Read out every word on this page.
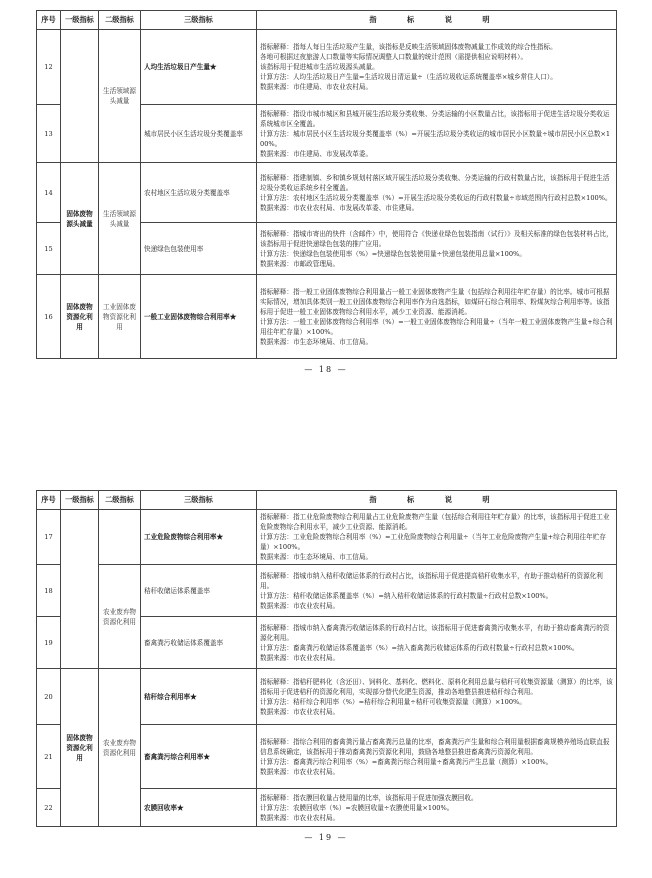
序号	一级指标	二级指标	三级指标	指 标 说 明
12		生活领域源头减量	人均生活垃圾日产生量★	指标解释：指每人每日生活垃圾产生量，该指标是反映生活领域固体废物减量工作成效的综合性指标。
各地可根据过夜旅游人口数量等实际情况调整人口数量的统计范围（需提供相应说明材料）。
该指标用于促进城市生活垃圾源头减量。
计算方法：人均生活垃圾日产生量=生活垃圾日清运量÷（生活垃圾收运系统覆盖率×城乡常住人口）。
数据来源：市住建局、市农业农村局。

13			城市居民小区生活垃圾分类覆盖率	指标解释：指设市城市城区和县城开展生活垃圾分类收集、分类运输的小区数量占比，该指标用于促进生活垃圾分类收运系统城市区全覆盖。
计算方法：城市居民小区生活垃圾分类覆盖率（%）=开展生活垃圾分类收运的城市居民小区数量÷城市居民小区总数×100%。
数据来源：市住建局、市发展改革委。

14	固体废物源头减量	生活领域源头减量	农村地区生活垃圾分类覆盖率	指标解释：指建制镇、乡和镇乡规划村落区域开展生活垃圾分类收集、分类运输的行政村数量占比，该指标用于促进生活垃圾分类收运系统乡村全覆盖。
计算方法：农村地区生活垃圾分类覆盖率（%）=开展生活垃圾分类收运的行政村数量÷市域范围内行政村总数×100%。
数据来源：市农业农村局、市发展改革委、市住建局。

15			快递绿色包装使用率	指标解释：指城市寄出的快件（含邮件）中，使用符合《快递业绿色包装指南（试行）》及相关标准的绿色包装材料占比，该指标用于促进快递绿色包装的推广应用。
计算方法：快递绿色包装使用率（%）=快递绿色包装使用量÷快递包装使用总量×100%。
数据来源：市邮政管理局。

16	固体废物资源化利用	工业固体废物资源化利用	一般工业固体废物综合利用率★	指标解释：指一般工业固体废物综合利用量占一般工业固体废物产生量（包括综合利用往年贮存量）的比率。城市可根据实际情况，增加具体类别一般工业固体废物综合利用率作为自选指标，如煤矸石综合利用率、粉煤灰综合利用率等。该指标用于促进一般工业固体废物综合利用水平，减少工业资源、能源消耗。
计算方法：一般工业固体废物综合利用率（%）=一般工业固体废物综合利用量÷（当年一般工业固体废物产生量+综合利用往年贮存量）×100%。
数据来源：市生态环境局、市工信局。
— 18 —
序号	一级指标	二级指标	三级指标	指 标 说 明
17			工业危险废物综合利用率★	指标解释：指工业危险废物综合利用量占工业危险废物产生量（包括综合利用往年贮存量）的比率，该指标用于促进工业危险废物综合利用水平，减少工业资源、能源消耗。
计算方法：工业危险废物综合利用率（%）=工业危险废物综合利用量÷（当年工业危险废物产生量+综合利用往年贮存量）×100%。
数据来源：市生态环境局、市工信局。

18		农业废弃物资源化利用	秸秆收储运体系覆盖率	指标解释：指城市纳入秸秆收储运体系的行政村占比，该指标用于促进提高秸秆收集水平，有助于推动秸秆的资源化利用。
计算方法：秸秆收储运体系覆盖率（%）=纳入秸秆收储运体系的行政村数量÷行政村总数×100%。
数据来源：市农业农村局。

19			畜禽粪污收储运体系覆盖率	指标解释：指城市纳入畜禽粪污收储运体系的行政村占比，该指标用于促进畜禽粪污收集水平，有助于推动畜禽粪污的资源化利用。
计算方法：畜禽粪污收储运体系覆盖率（%）=纳入畜禽粪污收储运体系的行政村数量÷行政村总数×100%。
数据来源：市农业农村局。

20	固体废物资源化利用	农业废弃物资源化利用	秸秆综合利用率★	指标解释：指秸秆肥料化（含还田）、饲料化、基料化、燃料化、原料化利用总量与秸秆可收集资源量（测算）的比率，该指标用于促进秸秆的资源化利用，实现部分替代化肥生资源，推动各地整县推进秸秆综合利用。
计算方法：秸秆综合利用率（%）=秸秆综合利用量÷秸秆可收集资源量（测算）×100%。
数据来源：市农业农村局。

21			畜禽粪污综合利用率★	指标解释：指综合利用的畜禽粪污量占畜禽粪污总量的比率，畜禽粪污产生量和综合利用量根据畜禽规模养殖场直联直报信息系统确定，该指标用于推动畜禽粪污资源化利用，鼓励各地整县推进畜禽粪污资源化利用。
计算方法：畜禽粪污综合利用率（%）=畜禽粪污综合利用量÷畜禽粪污产生总量（测算）×100%。
数据来源：市农业农村局。

22			农膜回收率★	指标解释：指农膜回收量占使用量的比率，该指标用于促进加强农膜回收。
计算方法：农膜回收率（%）=农膜回收量÷农膜使用量×100%。
数据来源：市农业农村局。
— 19 —
